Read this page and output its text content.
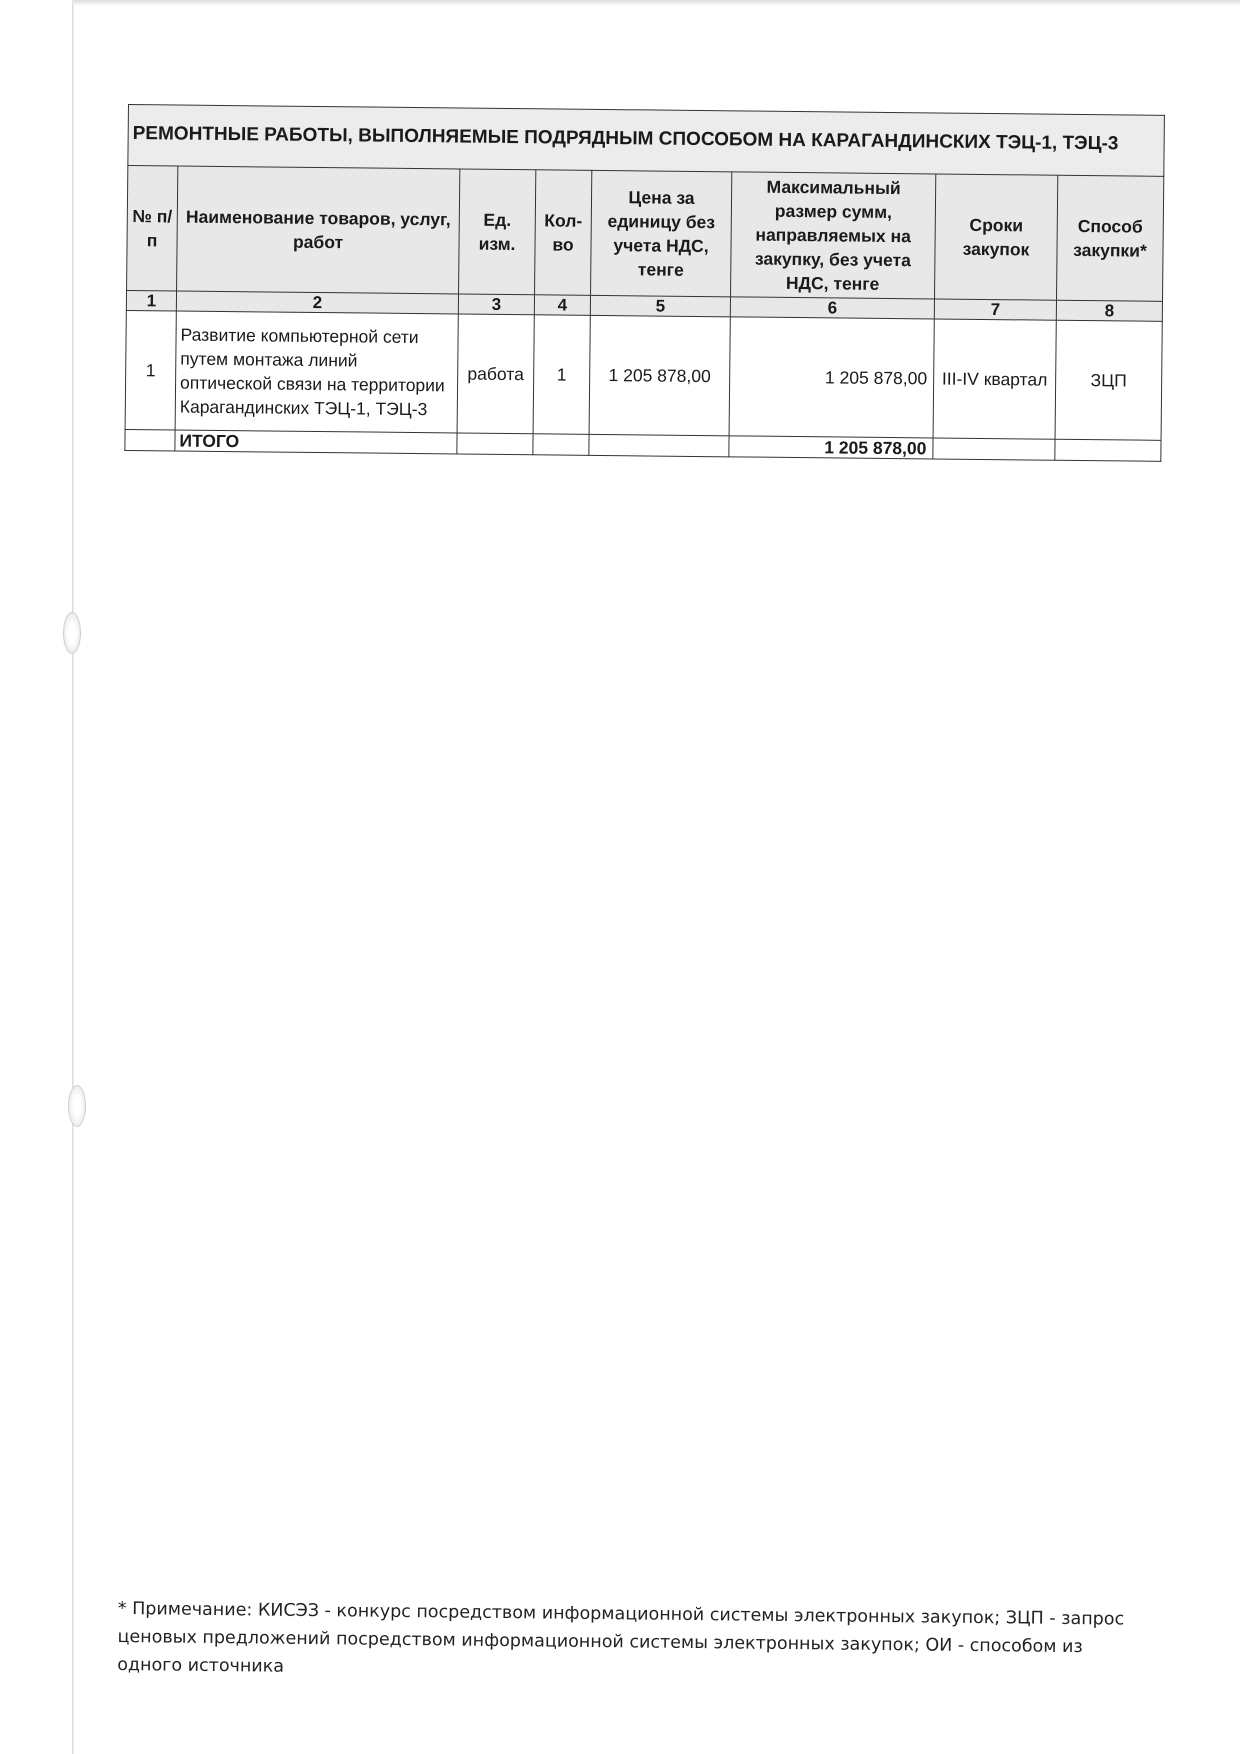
РЕМОНТНЫЕ РАБОТЫ, ВЫПОЛНЯЕМЫЕ ПОДРЯДНЫМ СПОСОБОМ НА КАРАГАНДИНСКИХ ТЭЦ-1, ТЭЦ-3							
№ п/п	Наименование товаров, услуг, работ	Ед. изм.	Кол-во	Цена за единицу без учета НДС, тенге	Максимальный размер сумм, направляемых на закупку, без учета НДС, тенге	Сроки закупок	Способ закупки*
1	2	3	4	5	6	7	8
1	Развитие компьютерной сети путем монтажа линий оптической связи на территории Карагандинских ТЭЦ-1, ТЭЦ-3	работа	1	1 205 878,00	1 205 878,00	III-IV квартал	ЗЦП
	ИТОГО				1 205 878,00		
* Примечание: КИСЭЗ - конкурс посредством информационной системы электронных закупок; ЗЦП - запрос ценовых предложений посредством информационной системы электронных закупок; ОИ - способом из одного источника
